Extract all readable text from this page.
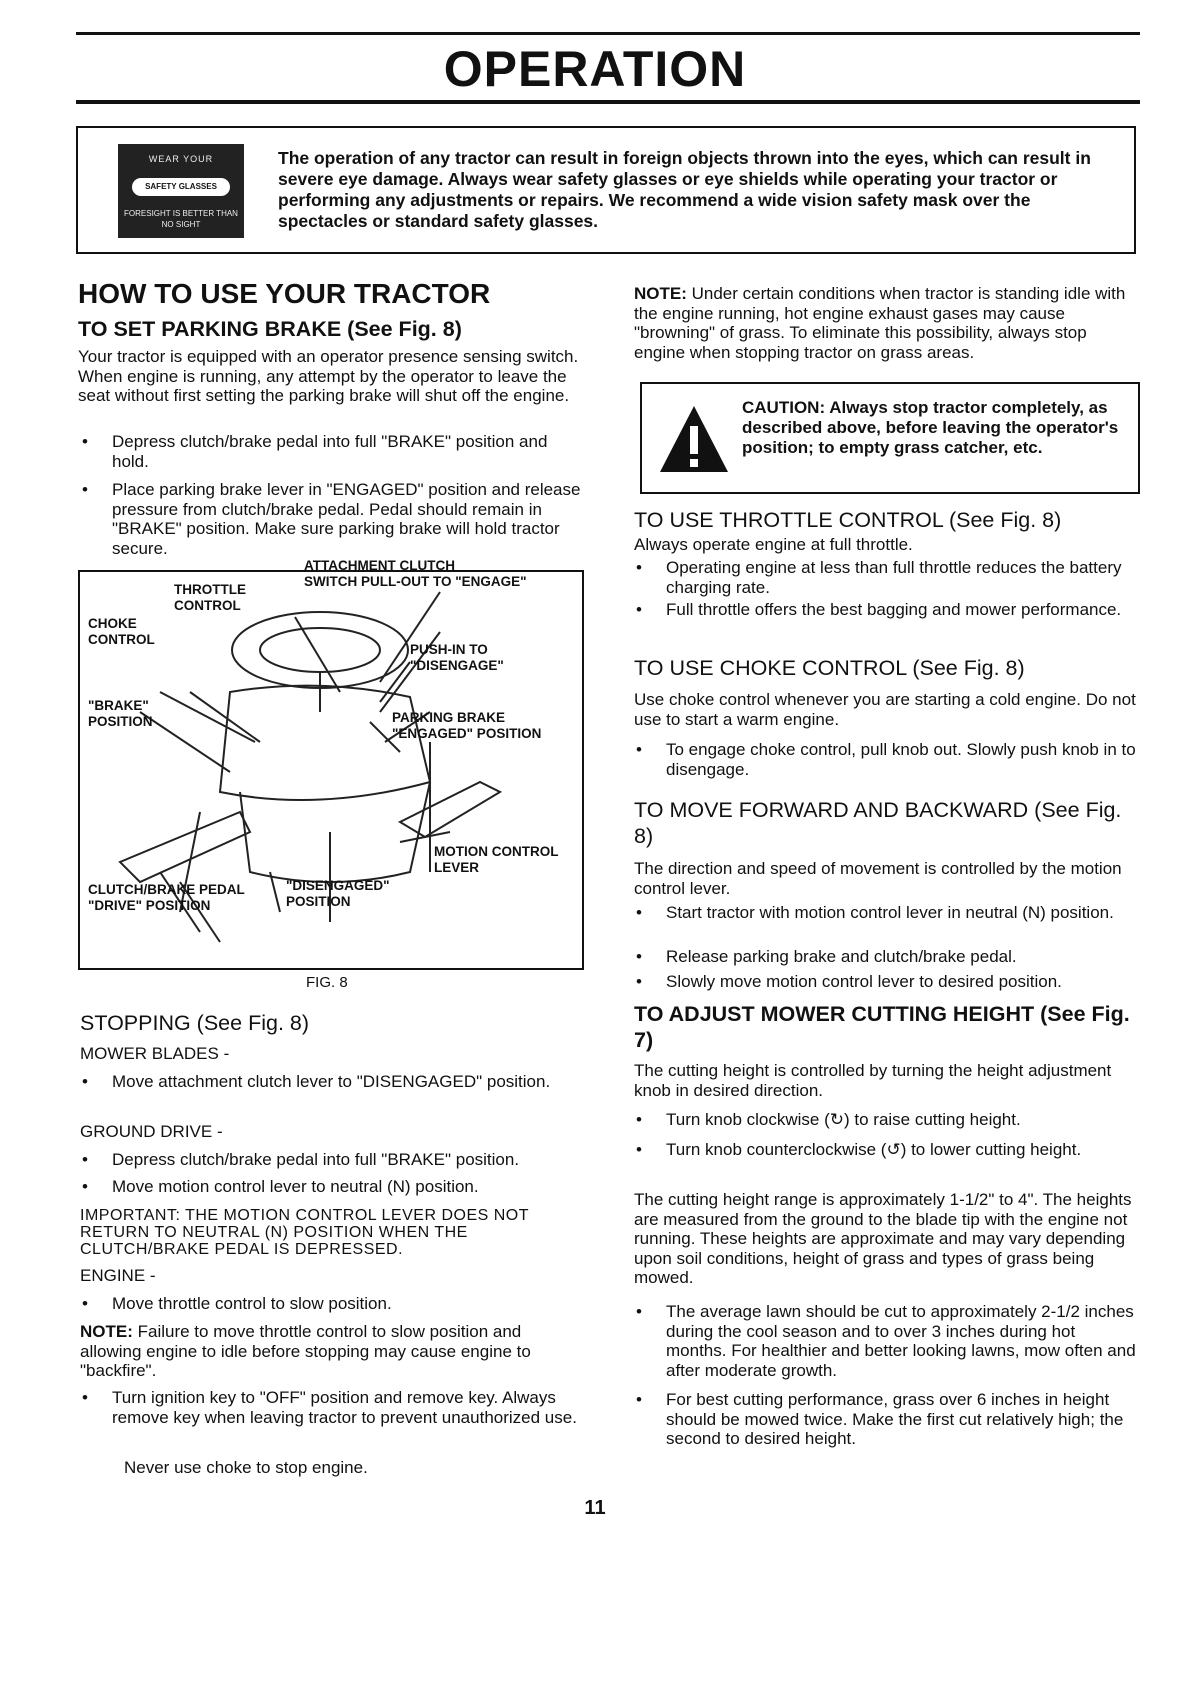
OPERATION
WEAR YOUR
SAFETY GLASSES
FORESIGHT IS BETTER THAN NO SIGHT
The operation of any tractor can result in foreign objects thrown into the eyes, which can result in severe eye damage. Always wear safety glasses or eye shields while operating your tractor or performing any adjustments or repairs. We recommend a wide vision safety mask over the spectacles or standard safety glasses.
HOW TO USE YOUR TRACTOR
TO SET PARKING BRAKE (See Fig. 8)
Your tractor is equipped with an operator presence sensing switch. When engine is running, any attempt by the operator to leave the seat without first setting the parking brake will shut off the engine.
• Depress clutch/brake pedal into full "BRAKE" position and hold.
• Place parking brake lever in "ENGAGED" position and release pressure from clutch/brake pedal. Pedal should remain in "BRAKE" position. Make sure parking brake will hold tractor secure.
ATTACHMENT CLUTCH
SWITCH PULL-OUT TO "ENGAGE"
THROTTLE
CONTROL
CHOKE
CONTROL
PUSH-IN TO
"DISENGAGE"
"BRAKE"
POSITION	PARKING BRAKE
"ENGAGED" POSITION
MOTION CONTROL
LEVER
CLUTCH/BRAKE PEDAL
"DRIVE" POSITION
"DISENGAGED"
POSITION
FIG. 8
STOPPING (See Fig. 8)
MOWER BLADES -
• Move attachment clutch lever to "DISENGAGED" position.
GROUND DRIVE -
• Depress clutch/brake pedal into full "BRAKE" position.
• Move motion control lever to neutral (N) position.
IMPORTANT: THE MOTION CONTROL LEVER DOES NOT RETURN TO NEUTRAL (N) POSITION WHEN THE CLUTCH/BRAKE PEDAL IS DEPRESSED.
ENGINE -
• Move throttle control to slow position.
NOTE: Failure to move throttle control to slow position and allowing engine to idle before stopping may cause engine to "backfire".
• Turn ignition key to "OFF" position and remove key. Always remove key when leaving tractor to prevent unauthorized use.
Never use choke to stop engine.
NOTE: Under certain conditions when tractor is standing idle with the engine running, hot engine exhaust gases may cause "browning" of grass. To eliminate this possibility, always stop engine when stopping tractor on grass areas.
CAUTION: Always stop tractor completely, as described above, before leaving the operator's position; to empty grass catcher, etc.
TO USE THROTTLE CONTROL (See Fig. 8)
Always operate engine at full throttle.
• Operating engine at less than full throttle reduces the battery charging rate.
• Full throttle offers the best bagging and mower performance.
TO USE CHOKE CONTROL (See Fig. 8)
Use choke control whenever you are starting a cold engine. Do not use to start a warm engine.
• To engage choke control, pull knob out. Slowly push knob in to disengage.
TO MOVE FORWARD AND BACKWARD (See Fig. 8)
The direction and speed of movement is controlled by the motion control lever.
• Start tractor with motion control lever in neutral (N) position.
• Release parking brake and clutch/brake pedal.
• Slowly move motion control lever to desired position.
TO ADJUST MOWER CUTTING HEIGHT (See Fig. 7)
The cutting height is controlled by turning the height adjustment knob in desired direction.
• Turn knob clockwise (↻) to raise cutting height.
• Turn knob counterclockwise (↺) to lower cutting height.
The cutting height range is approximately 1-1/2" to 4". The heights are measured from the ground to the blade tip with the engine not running. These heights are approximate and may vary depending upon soil conditions, height of grass and types of grass being mowed.
• The average lawn should be cut to approximately 2-1/2 inches during the cool season and to over 3 inches during hot months. For healthier and better looking lawns, mow often and after moderate growth.
• For best cutting performance, grass over 6 inches in height should be mowed twice. Make the first cut relatively high; the second to desired height.
11
